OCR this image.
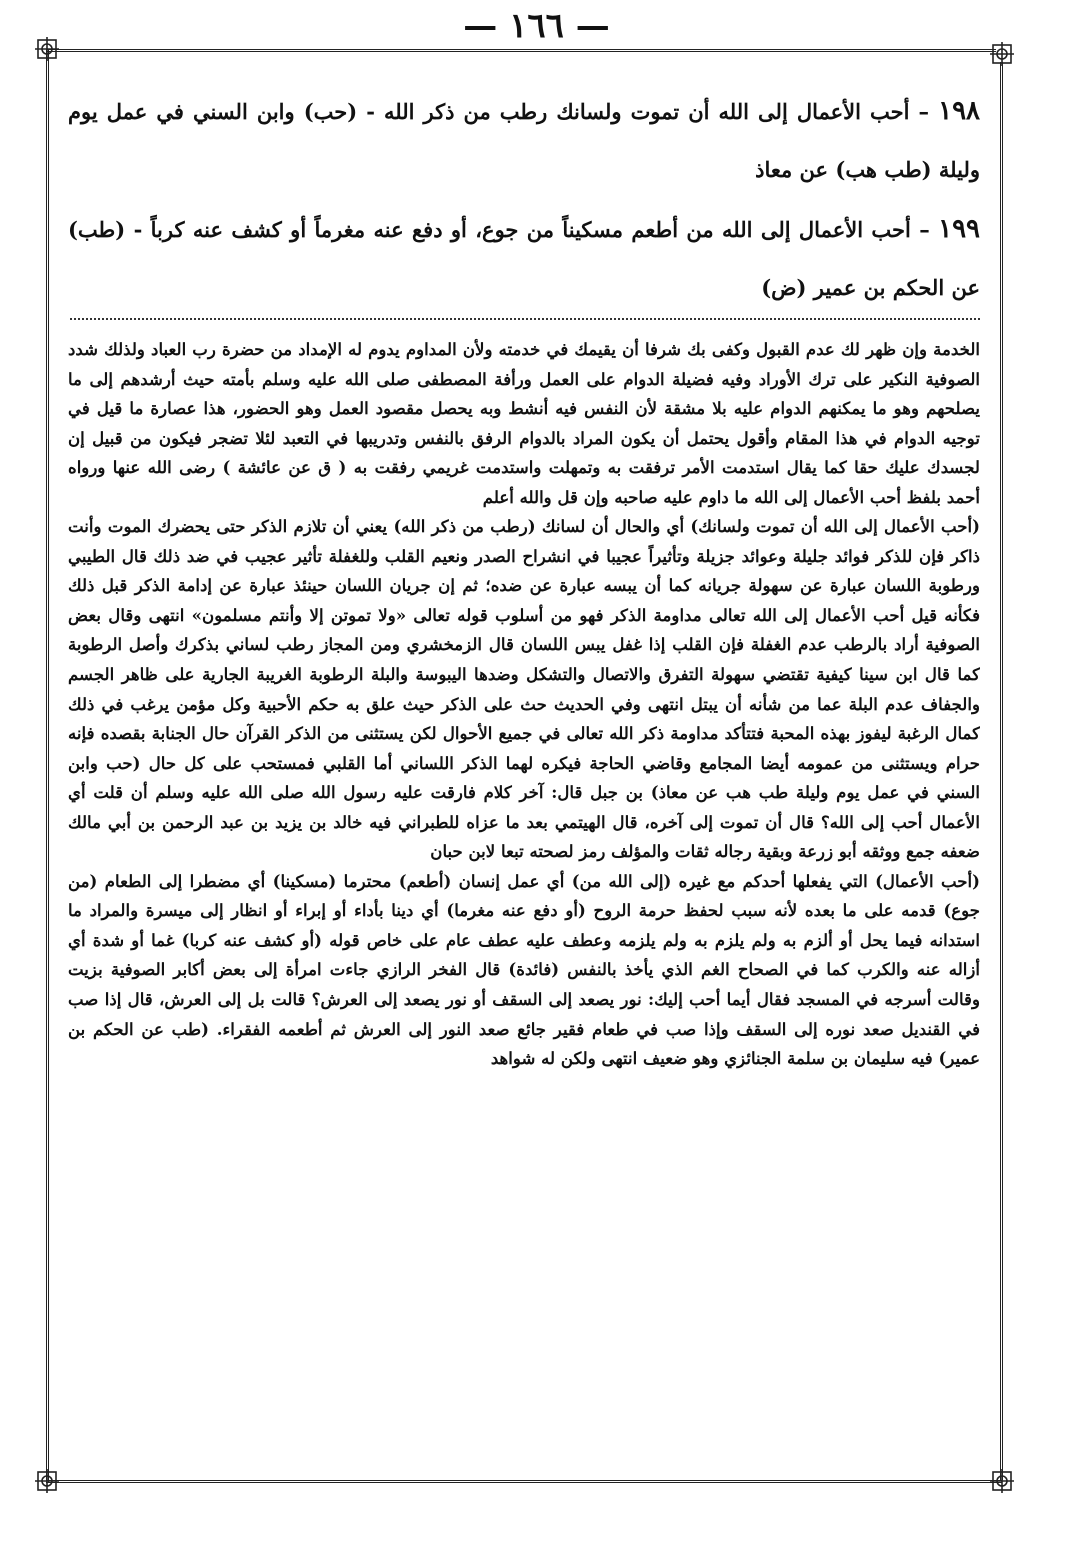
— ١٦٦ —
١٩٨ – أحب الأعمال إلى الله أن تموت ولسانك رطب من ذكر الله - (حب) وابن السني في عمل يوم وليلة (طب هب) عن معاذ
١٩٩ – أحب الأعمال إلى الله من أطعم مسكيناً من جوع، أو دفع عنه مغرماً أو كشف عنه كرباً - (طب) عن الحكم بن عمير (ض)

الخدمة وإن ظهر لك عدم القبول وكفى بك شرفا أن يقيمك في خدمته ولأن المداوم يدوم له الإمداد من حضرة رب العباد ولذلك شدد الصوفية النكير على ترك الأوراد وفيه فضيلة الدوام على العمل ورأفة المصطفى صلى الله عليه وسلم بأمته حيث أرشدهم إلى ما يصلحهم وهو ما يمكنهم الدوام عليه بلا مشقة لأن النفس فيه أنشط وبه يحصل مقصود العمل وهو الحضور، هذا عصارة ما قيل في توجيه الدوام في هذا المقام وأقول يحتمل أن يكون المراد بالدوام الرفق بالنفس وتدريبها في التعبد لئلا تضجر فيكون من قبيل إن لجسدك عليك حقا كما يقال استدمت الأمر ترفقت به وتمهلت واستدمت غريمي رفقت به ( ق عن عائشة ) رضى الله عنها ورواه أحمد بلفظ أحب الأعمال إلى الله ما داوم عليه صاحبه وإن قل والله أعلم

(أحب الأعمال إلى الله أن تموت ولسانك) أي والحال أن لسانك (رطب من ذكر الله) يعني أن تلازم الذكر حتى يحضرك الموت وأنت ذاكر فإن للذكر فوائد جليلة وعوائد جزيلة وتأثيراً عجيبا في انشراح الصدر ونعيم القلب وللغفلة تأثير عجيب في ضد ذلك قال الطيبي ورطوبة اللسان عبارة عن سهولة جريانه كما أن يبسه عبارة عن ضده؛ ثم إن جريان اللسان حينئذ عبارة عن إدامة الذكر قبل ذلك فكأنه قيل أحب الأعمال إلى الله تعالى مداومة الذكر فهو من أسلوب قوله تعالى «ولا تموتن إلا وأنتم مسلمون» انتهى وقال بعض الصوفية أراد بالرطب عدم الغفلة فإن القلب إذا غفل يبس اللسان قال الزمخشري ومن المجاز رطب لساني بذكرك وأصل الرطوبة كما قال ابن سينا كيفية تقتضي سهولة التفرق والاتصال والتشكل وضدها اليبوسة والبلة الرطوبة الغريبة الجارية على ظاهر الجسم والجفاف عدم البلة عما من شأنه أن يبتل انتهى وفي الحديث حث على الذكر حيث علق به حكم الأحبية وكل مؤمن يرغب في ذلك كمال الرغبة ليفوز بهذه المحبة فتتأكد مداومة ذكر الله تعالى في جميع الأحوال لكن يستثنى من الذكر القرآن حال الجنابة بقصده فإنه حرام ويستثنى من عمومه أيضا المجامع وقاضي الحاجة فيكره لهما الذكر اللساني أما القلبي فمستحب على كل حال (حب وابن السني في عمل يوم وليلة طب هب عن معاذ) بن جبل قال: آخر كلام فارقت عليه رسول الله صلى الله عليه وسلم أن قلت أي الأعمال أحب إلى الله؟ قال أن تموت إلى آخره، قال الهيتمي بعد ما عزاه للطبراني فيه خالد بن يزيد بن عبد الرحمن بن أبي مالك ضعفه جمع ووثقه أبو زرعة وبقية رجاله ثقات والمؤلف رمز لصحته تبعا لابن حبان

(أحب الأعمال) التي يفعلها أحدكم مع غيره (إلى الله من) أي عمل إنسان (أطعم) محترما (مسكينا) أي مضطرا إلى الطعام (من جوع) قدمه على ما بعده لأنه سبب لحفظ حرمة الروح (أو دفع عنه مغرما) أي دينا بأداء أو إبراء أو انظار إلى ميسرة والمراد ما استدانه فيما يحل أو ألزم به ولم يلزم به ولم يلزمه وعطف عليه عطف عام على خاص قوله (أو كشف عنه كربا) غما أو شدة أي أزاله عنه والكرب كما في الصحاح الغم الذي يأخذ بالنفس (فائدة) قال الفخر الرازي جاءت امرأة إلى بعض أكابر الصوفية بزيت وقالت أسرجه في المسجد فقال أيما أحب إليك: نور يصعد إلى السقف أو نور يصعد إلى العرش؟ قالت بل إلى العرش، قال إذا صب في القنديل صعد نوره إلى السقف وإذا صب في طعام فقير جائع صعد النور إلى العرش ثم أطعمه الفقراء. (طب عن الحكم بن عمير) فيه سليمان بن سلمة الجنائزي وهو ضعيف انتهى ولكن له شواهد
